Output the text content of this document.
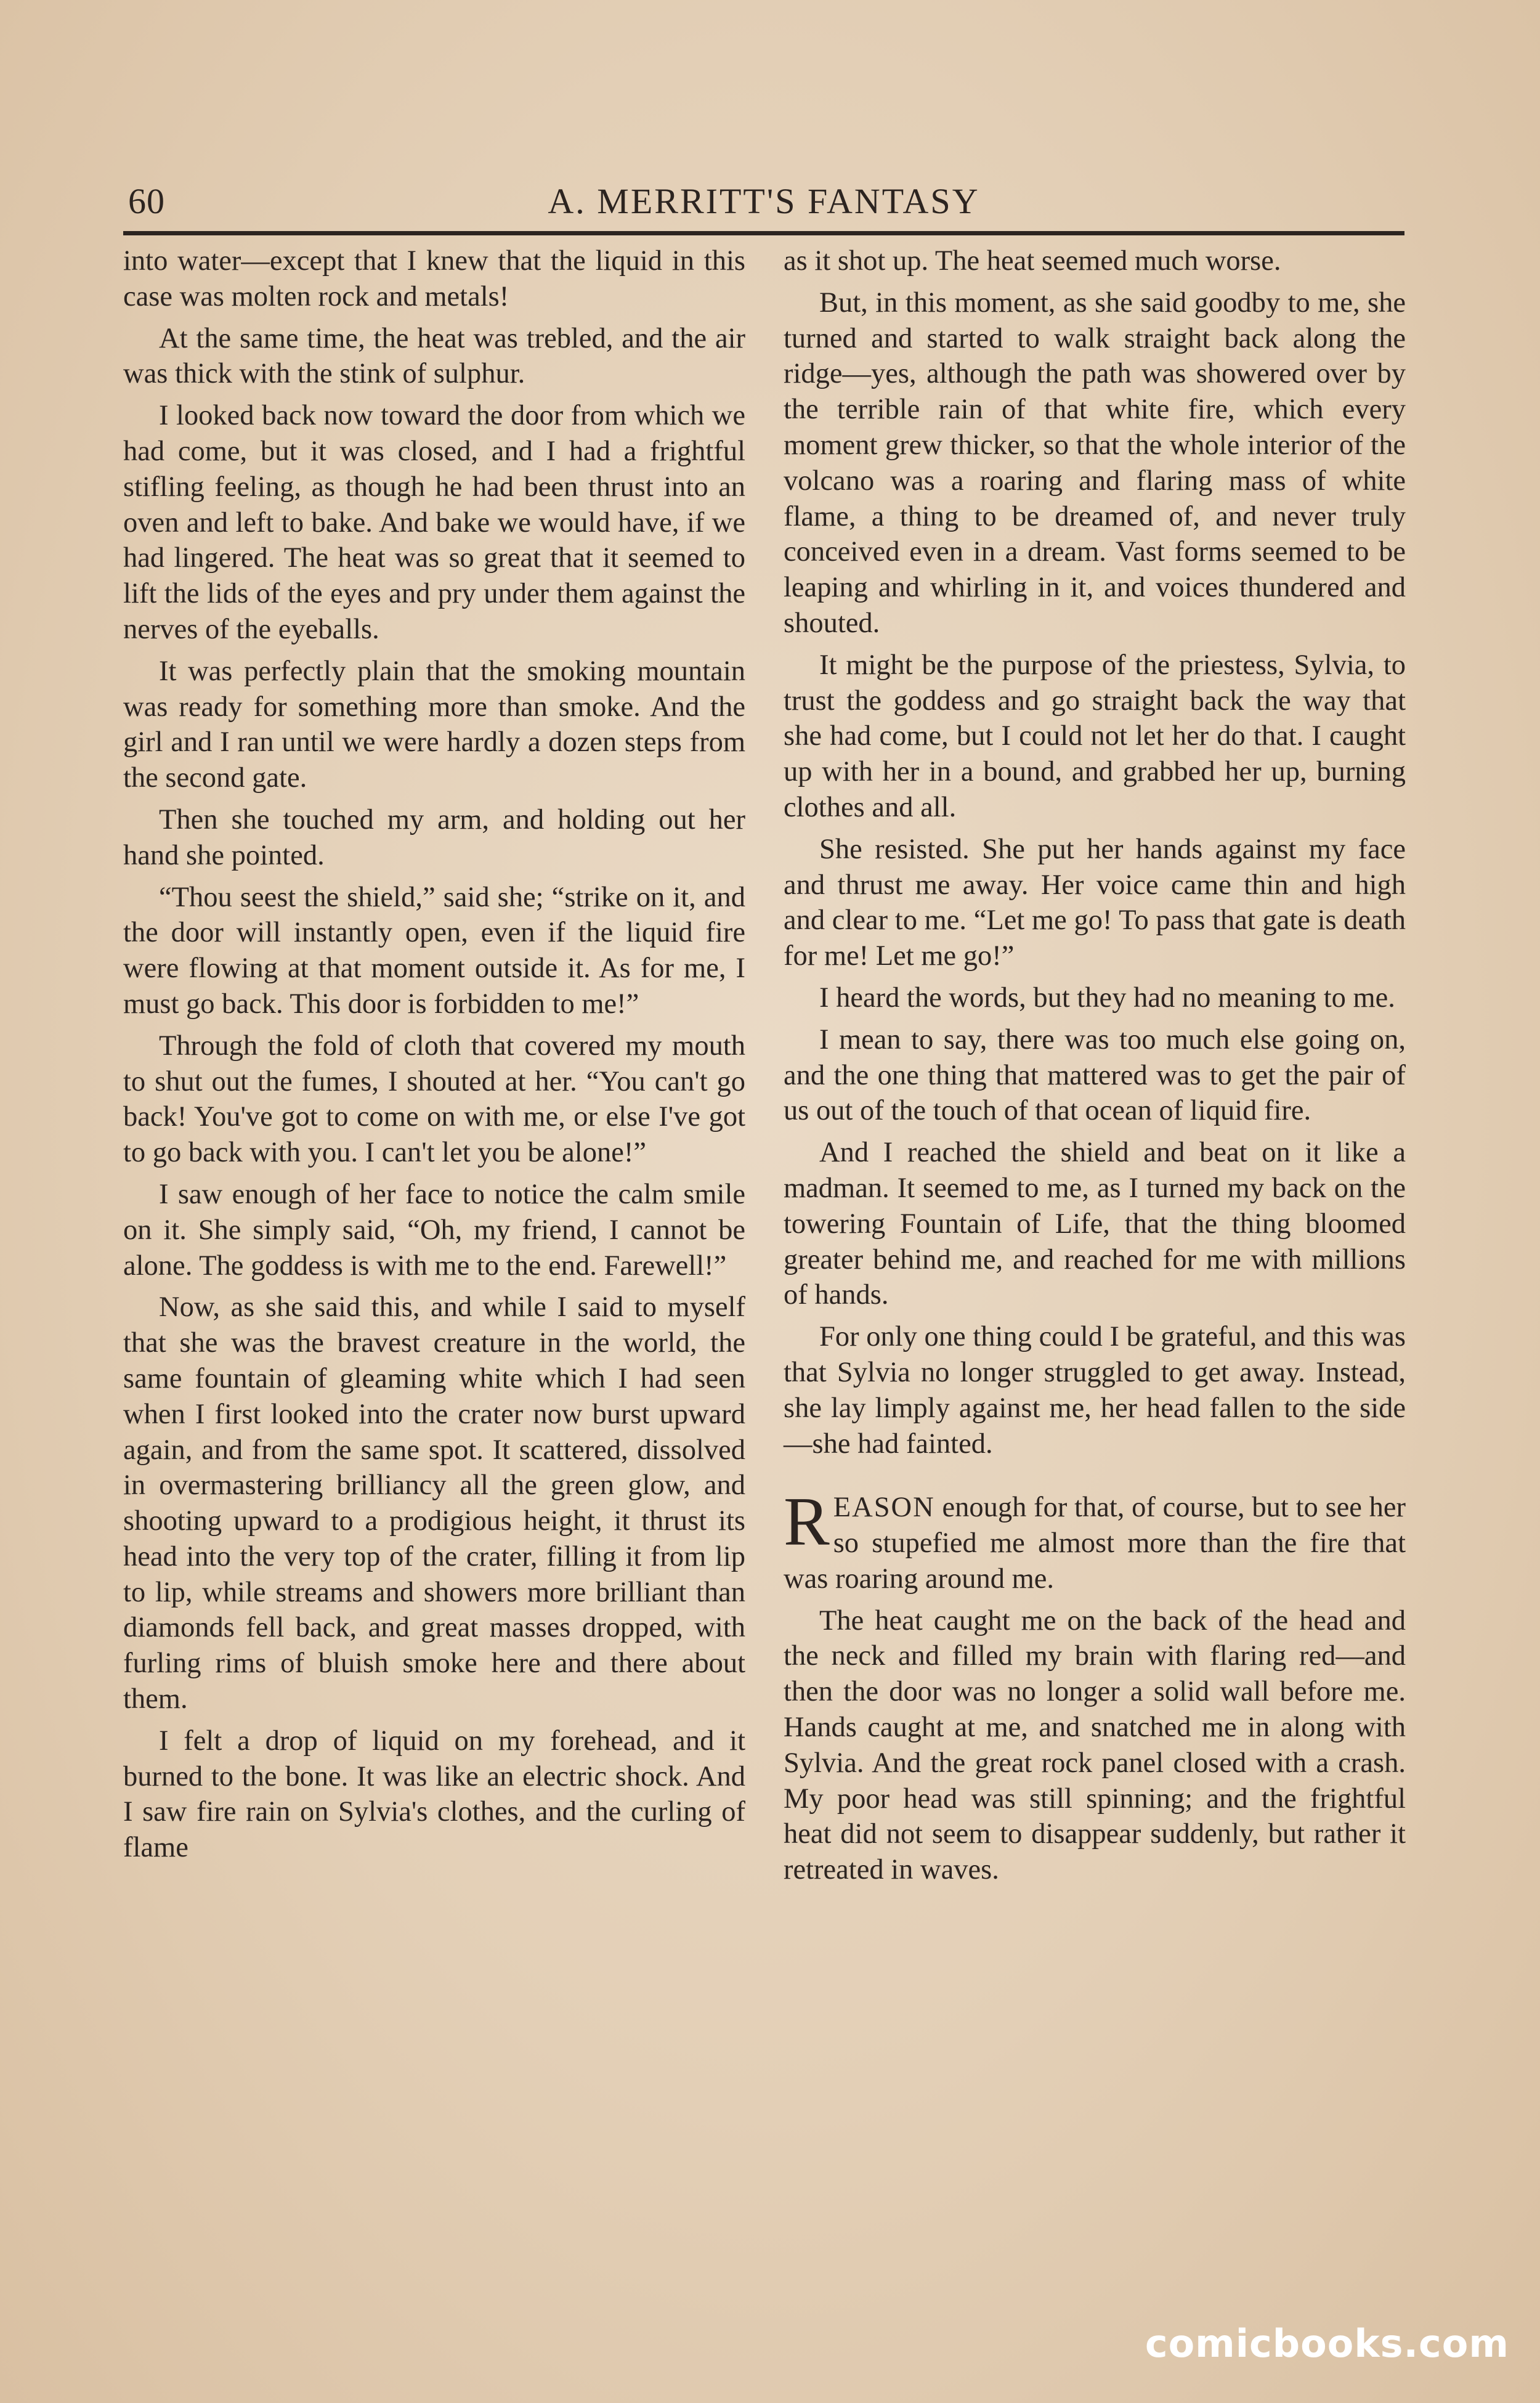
60	A. MERRITT'S FANTASY

into water—except that I knew that the liquid in this case was molten rock and metals!

At the same time, the heat was trebled, and the air was thick with the stink of sulphur.

I looked back now toward the door from which we had come, but it was closed, and I had a frightful stifling feeling, as though he had been thrust into an oven and left to bake. And bake we would have, if we had lingered. The heat was so great that it seemed to lift the lids of the eyes and pry under them against the nerves of the eyeballs.

It was perfectly plain that the smoking mountain was ready for something more than smoke. And the girl and I ran until we were hardly a dozen steps from the second gate.

Then she touched my arm, and holding out her hand she pointed.

“Thou seest the shield,” said she; “strike on it, and the door will instantly open, even if the liquid fire were flowing at that moment outside it. As for me, I must go back. This door is forbidden to me!”

Through the fold of cloth that covered my mouth to shut out the fumes, I shouted at her. “You can't go back! You've got to come on with me, or else I've got to go back with you. I can't let you be alone!”

I saw enough of her face to notice the calm smile on it. She simply said, “Oh, my friend, I cannot be alone. The goddess is with me to the end. Farewell!”

Now, as she said this, and while I said to myself that she was the bravest creature in the world, the same fountain of gleaming white which I had seen when I first looked into the crater now burst upward again, and from the same spot. It scattered, dissolved in overmastering brilliancy all the green glow, and shooting upward to a prodigious height, it thrust its head into the very top of the crater, filling it from lip to lip, while streams and showers more brilliant than diamonds fell back, and great masses dropped, with furling rims of bluish smoke here and there about them.

I felt a drop of liquid on my forehead, and it burned to the bone. It was like an electric shock. And I saw fire rain on Sylvia's clothes, and the curling of flame

as it shot up. The heat seemed much worse.

But, in this moment, as she said goodby to me, she turned and started to walk straight back along the ridge—yes, although the path was showered over by the terrible rain of that white fire, which every moment grew thicker, so that the whole interior of the volcano was a roaring and flaring mass of white flame, a thing to be dreamed of, and never truly conceived even in a dream. Vast forms seemed to be leaping and whirling in it, and voices thundered and shouted.

It might be the purpose of the priestess, Sylvia, to trust the goddess and go straight back the way that she had come, but I could not let her do that. I caught up with her in a bound, and grabbed her up, burning clothes and all.

She resisted. She put her hands against my face and thrust me away. Her voice came thin and high and clear to me. “Let me go! To pass that gate is death for me! Let me go!”

I heard the words, but they had no meaning to me.

I mean to say, there was too much else going on, and the one thing that mattered was to get the pair of us out of the touch of that ocean of liquid fire.

And I reached the shield and beat on it like a madman. It seemed to me, as I turned my back on the towering Fountain of Life, that the thing bloomed greater behind me, and reached for me with millions of hands.

For only one thing could I be grateful, and this was that Sylvia no longer struggled to get away. Instead, she lay limply against me, her head fallen to the side—she had fainted.

REASON enough for that, of course, but to see her so stupefied me almost more than the fire that was roaring around me.

The heat caught me on the back of the head and the neck and filled my brain with flaring red—and then the door was no longer a solid wall before me. Hands caught at me, and snatched me in along with Sylvia. And the great rock panel closed with a crash. My poor head was still spinning; and the frightful heat did not seem to disappear suddenly, but rather it retreated in waves.

comicbooks.com
